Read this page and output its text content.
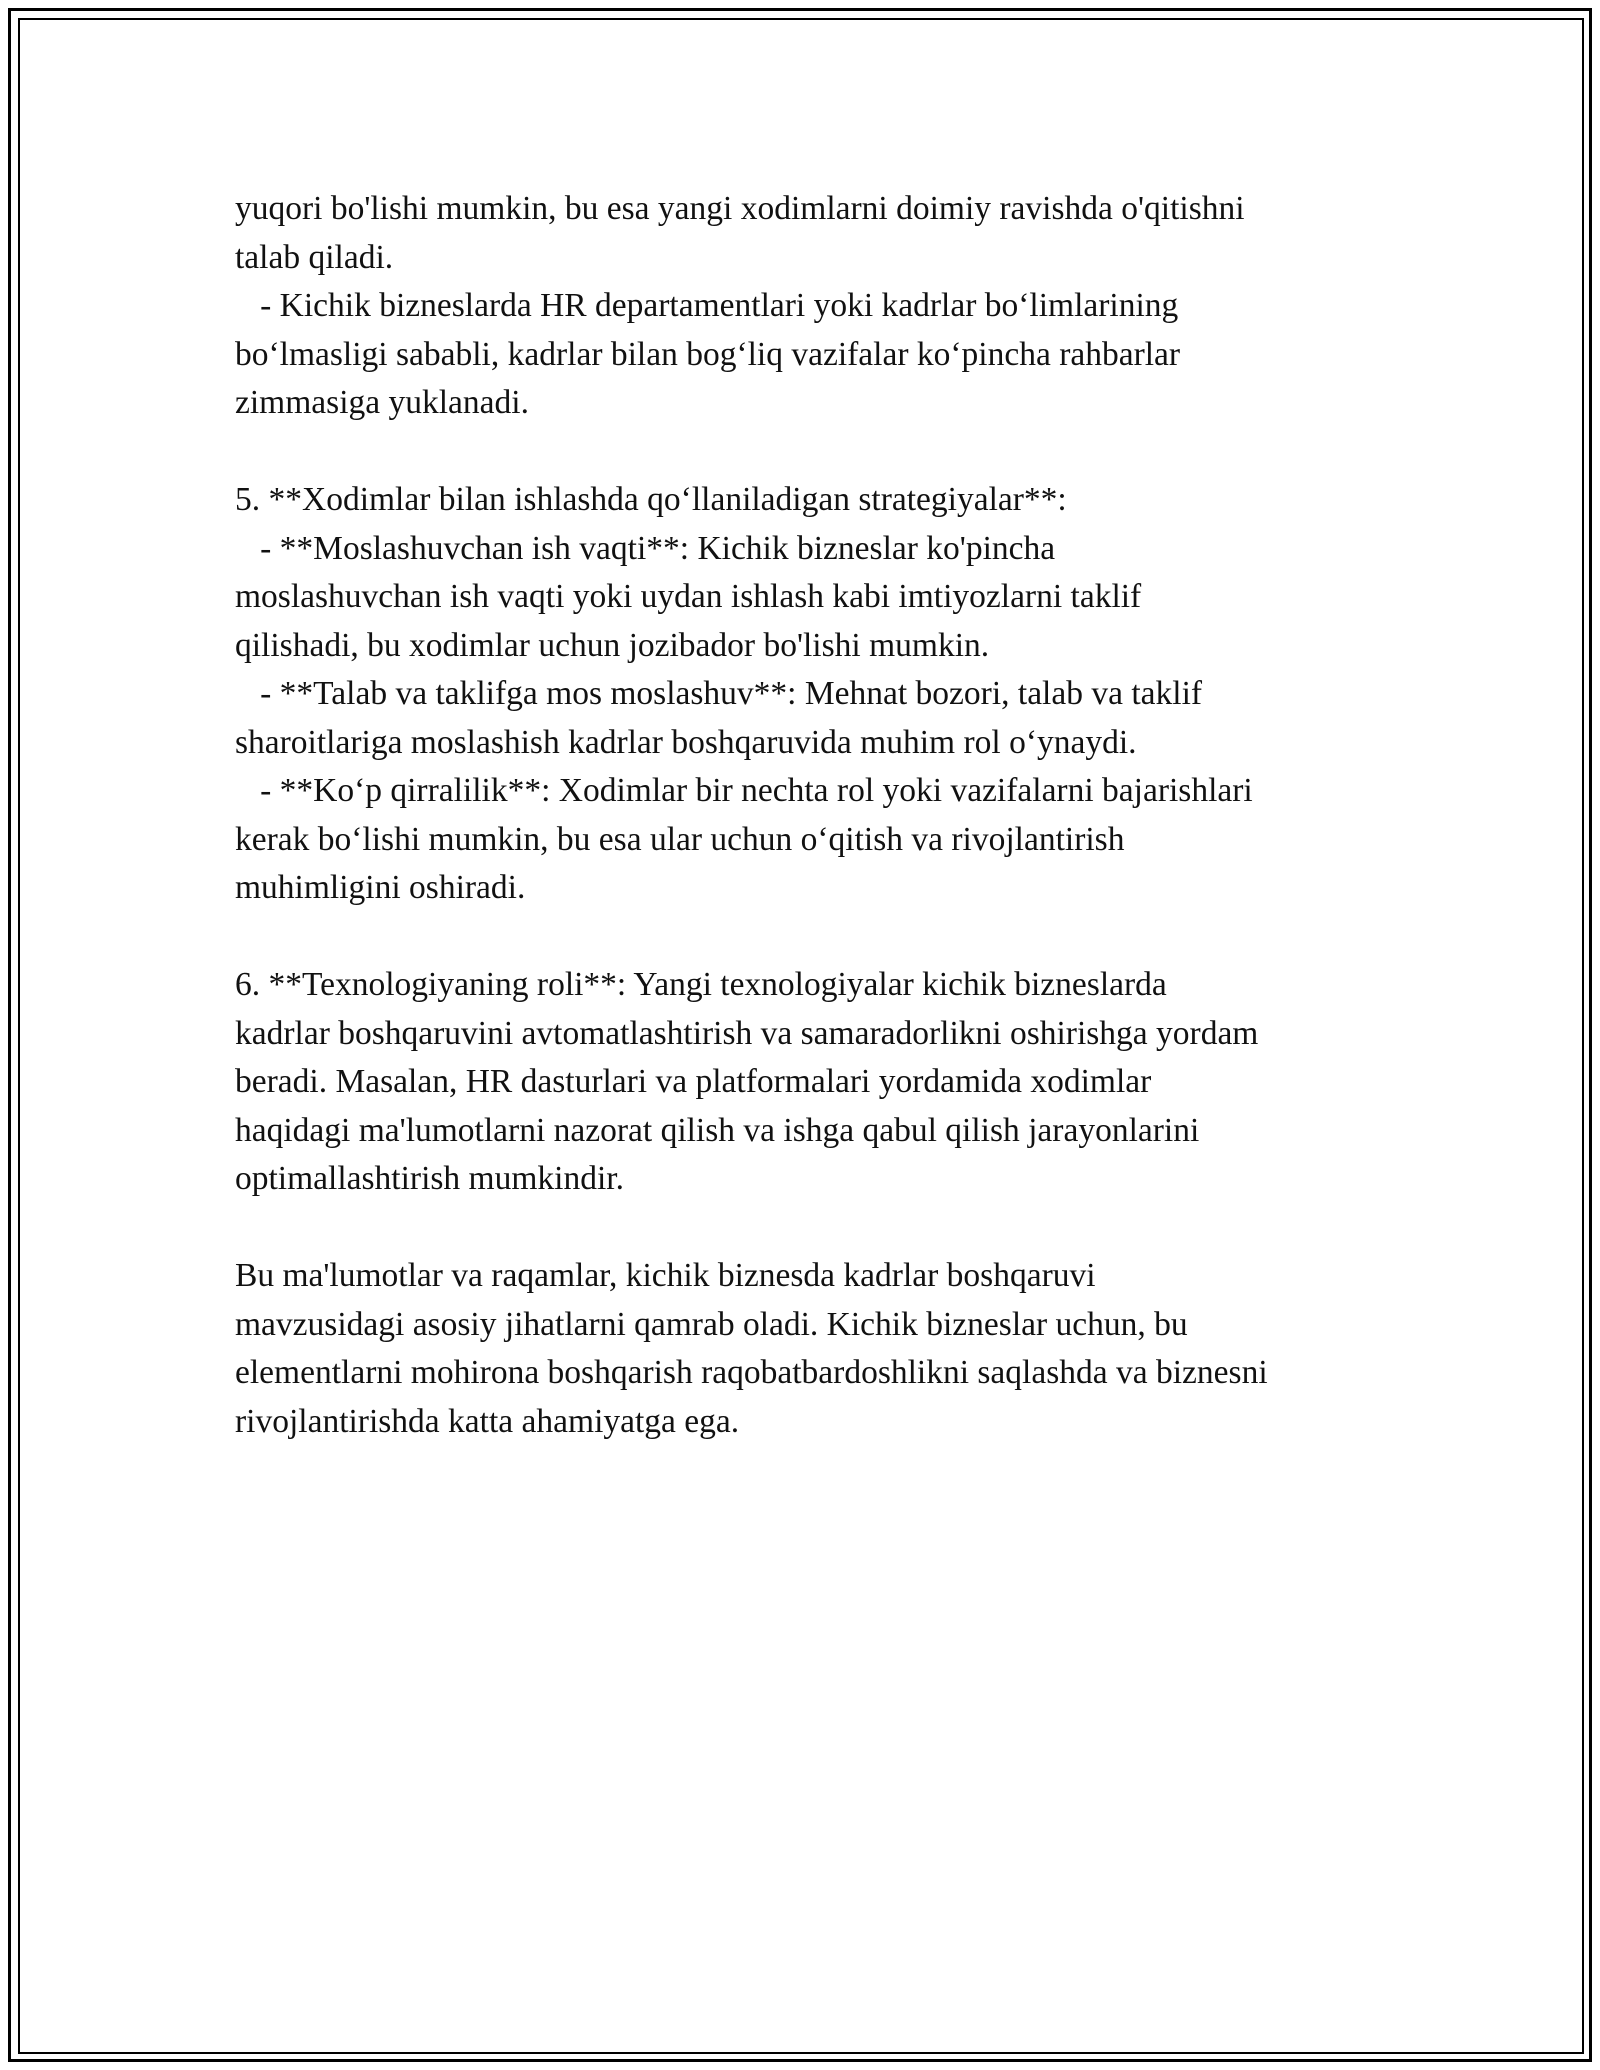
yuqori bo'lishi mumkin, bu esa yangi xodimlarni doimiy ravishda o'qitishni
talab qiladi.
- Kichik bizneslarda HR departamentlari yoki kadrlar bo‘limlarining
bo‘lmasligi sababli, kadrlar bilan bog‘liq vazifalar ko‘pincha rahbarlar
zimmasiga yuklanadi.
5. **Xodimlar bilan ishlashda qo‘llaniladigan strategiyalar**:
- **Moslashuvchan ish vaqti**: Kichik bizneslar ko'pincha
moslashuvchan ish vaqti yoki uydan ishlash kabi imtiyozlarni taklif
qilishadi, bu xodimlar uchun jozibador bo'lishi mumkin.
- **Talab va taklifga mos moslashuv**: Mehnat bozori, talab va taklif
sharoitlariga moslashish kadrlar boshqaruvida muhim rol o‘ynaydi.
- **Ko‘p qirralilik**: Xodimlar bir nechta rol yoki vazifalarni bajarishlari
kerak bo‘lishi mumkin, bu esa ular uchun o‘qitish va rivojlantirish
muhimligini oshiradi.
6. **Texnologiyaning roli**: Yangi texnologiyalar kichik bizneslarda
kadrlar boshqaruvini avtomatlashtirish va samaradorlikni oshirishga yordam
beradi. Masalan, HR dasturlari va platformalari yordamida xodimlar
haqidagi ma'lumotlarni nazorat qilish va ishga qabul qilish jarayonlarini
optimallashtirish mumkindir.
Bu ma'lumotlar va raqamlar, kichik biznesda kadrlar boshqaruvi
mavzusidagi asosiy jihatlarni qamrab oladi. Kichik bizneslar uchun, bu
elementlarni mohirona boshqarish raqobatbardoshlikni saqlashda va biznesni
rivojlantirishda katta ahamiyatga ega.
